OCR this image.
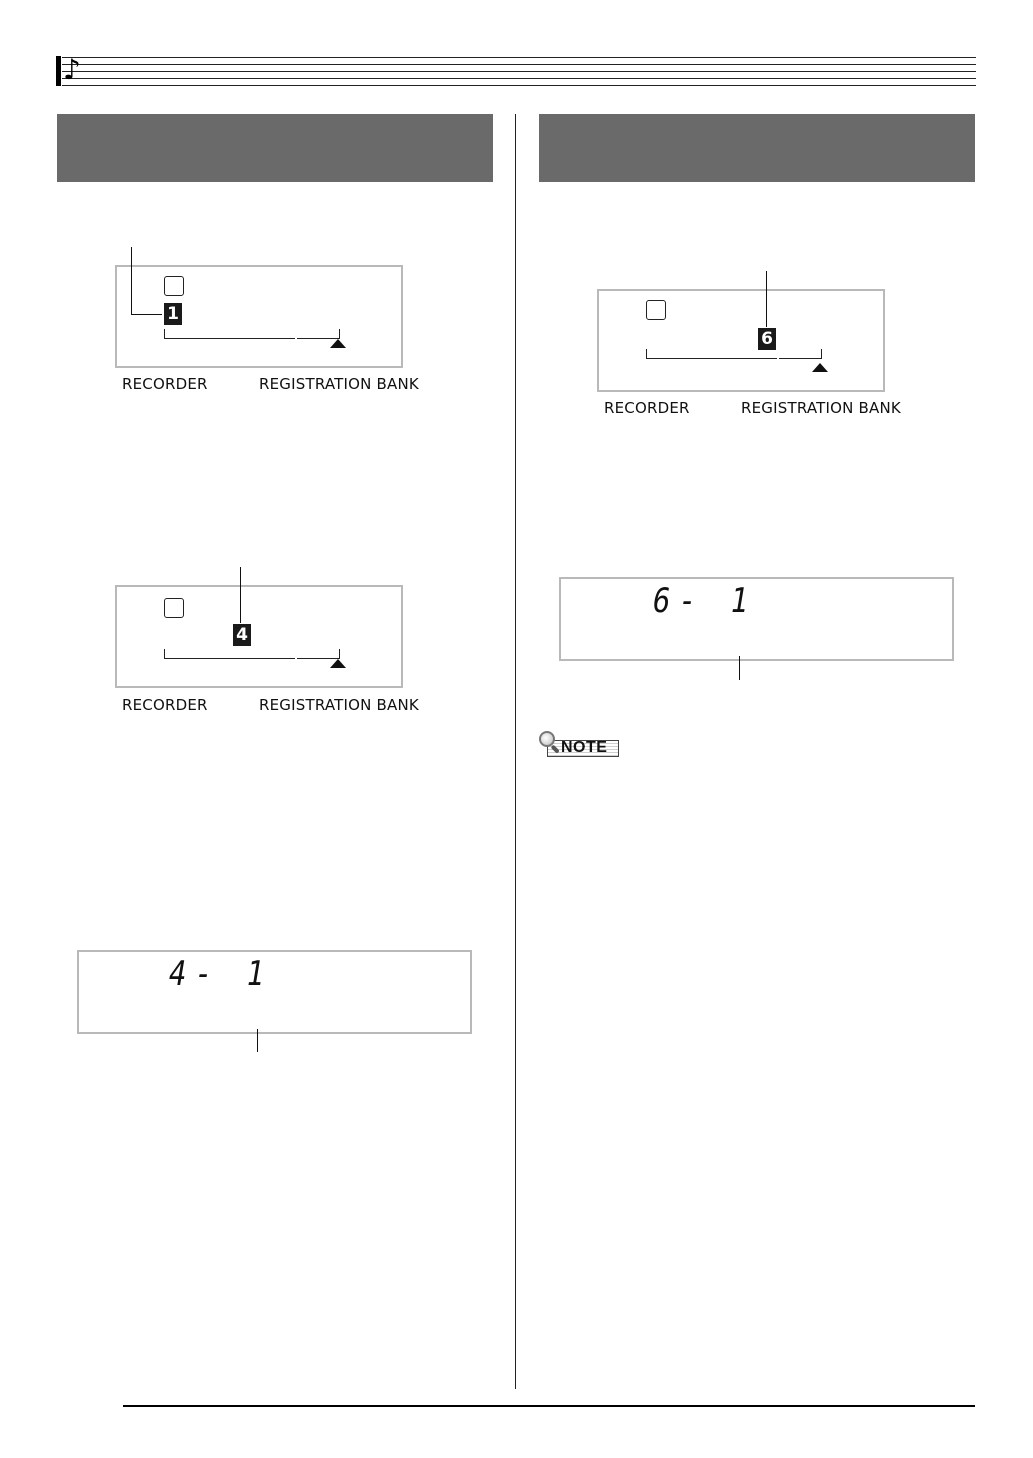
♪
1
RECORDER	REGISTRATION BANK
4
RECORDER	REGISTRATION BANK
4- 1
6
RECORDER	REGISTRATION BANK
6- 1
NOTE
